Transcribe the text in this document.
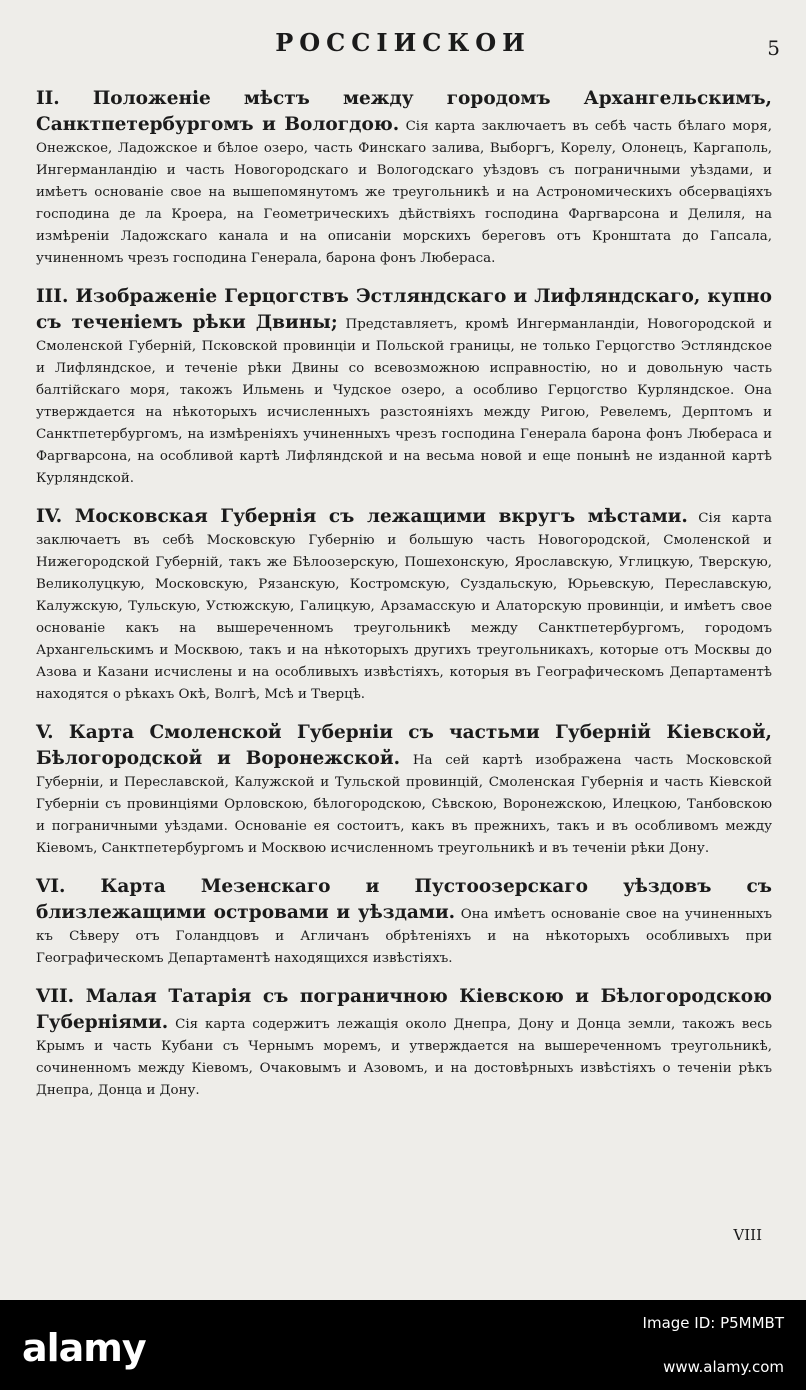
РОССІИСКОИ	5

II. Положеніе мѣстъ между городомъ Архангельскимъ, Санктпетербургомъ и Вологдою. Сія карта заключаетъ въ себѣ часть бѣлаго моря, Онежское, Ладожское и бѣлое озеро, часть Финскаго залива, Выборгъ, Корелу, Олонецъ, Каргаполь, Ингерманландію и часть Новогородскаго и Вологодскаго уѣздовъ съ пограничными уѣздами, и имѣетъ основаніе свое на вышепомянутомъ же треугольникѣ и на Астрономическихъ обсерваціяхъ господина де ла Кроера, на Геометрическихъ дѣйствіяхъ господина Фаргварсона и Делиля, на измѣреніи Ладожскаго канала и на описаніи морскихъ береговъ отъ Кронштата до Гапсала, учиненномъ чрезъ господина Генерала, барона фонъ Любераса.

III. Изображеніе Герцогствъ Эстляндскаго и Лифляндскаго, купно съ теченіемъ рѣки Двины; Представляетъ, кромѣ Ингерманландіи, Новогородской и Смоленской Губерній, Псковской провинціи и Польской границы, не только Герцогство Эстляндское и Лифляндское, и теченіе рѣки Двины со всевозможною исправностію, но и довольную часть балтійскаго моря, такожъ Ильмень и Чудское озеро, а особливо Герцогство Курляндское. Она утверждается на нѣкоторыхъ исчисленныхъ разстояніяхъ между Ригою, Ревелемъ, Дерптомъ и Санктпетербургомъ, на измѣреніяхъ учиненныхъ чрезъ господина Генерала барона фонъ Любераса и Фаргварсона, на особливой картѣ Лифляндской и на весьма новой и еще понынѣ не изданной картѣ Курляндской.

IV. Московская Губернія съ лежащими вкругъ мѣстами. Сія карта заключаетъ въ себѣ Московскую Губернію и большую часть Новогородской, Смоленской и Нижегородской Губерній, такъ же Бѣлоозерскую, Пошехонскую, Ярославскую, Углицкую, Тверскую, Великолуцкую, Московскую, Рязанскую, Костромскую, Суздальскую, Юрьевскую, Переславскую, Калужскую, Тульскую, Устюжскую, Галицкую, Арзамасскую и Алаторскую провинціи, и имѣетъ свое основаніе какъ на вышереченномъ треугольникѣ между Санктпетербургомъ, городомъ Архангельскимъ и Москвою, такъ и на нѣкоторыхъ другихъ треугольникахъ, которые отъ Москвы до Азова и Казани исчислены и на особливыхъ извѣстіяхъ, которыя въ Географическомъ Департаментѣ находятся о рѣкахъ Окѣ, Волгѣ, Мсѣ и Тверцѣ.

V. Карта Смоленской Губерніи съ частьми Губерній Кіевской, Бѣлогородской и Воронежской. На сей картѣ изображена часть Московской Губерніи, и Переславской, Калужской и Тульской провинцій, Смоленская Губернія и часть Кіевской Губерніи съ провинціями Орловскою, бѣлогородскою, Сѣвскою, Воронежскою, Илецкою, Танбовскою и пограничными уѣздами. Основаніе ея состоитъ, какъ въ прежнихъ, такъ и въ особливомъ между Кіевомъ, Санктпетербургомъ и Москвою исчисленномъ треугольникѣ и въ теченіи рѣки Дону.

VI. Карта Мезенскаго и Пустоозерскаго уѣздовъ съ близлежащими островами и уѣздами. Она имѣетъ основаніе свое на учиненныхъ къ Сѣверу отъ Голандцовъ и Агличанъ обрѣтеніяхъ и на нѣкоторыхъ особливыхъ при Географическомъ Департаментѣ находящихся извѣстіяхъ.

VII. Малая Татарія съ пограничною Кіевскою и Бѣлогородскою Губерніями. Сія карта содержитъ лежащія около Днепра, Дону и Донца земли, такожъ весь Крымъ и часть Кубани съ Чернымъ моремъ, и утверждается на вышереченномъ треугольникѣ, сочиненномъ между Кіевомъ, Очаковымъ и Азовомъ, и на достовѣрныхъ извѣстіяхъ о теченіи рѣкъ Днепра, Донца и Дону.

VIII
alamy
Image ID: P5MMBT
www.alamy.com
